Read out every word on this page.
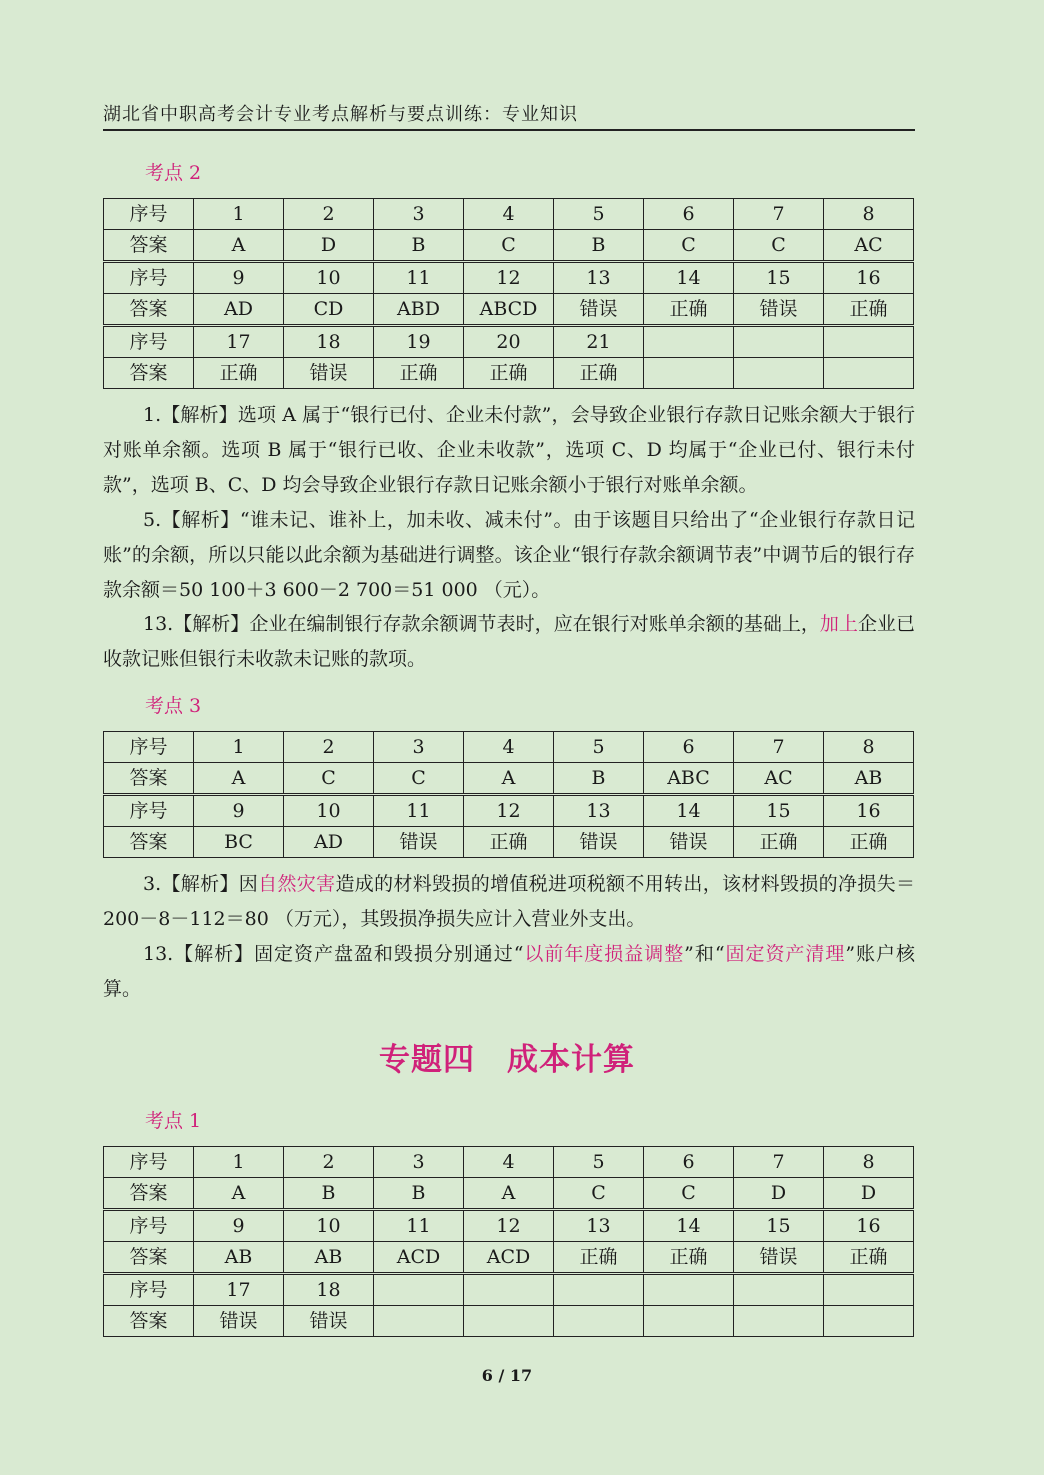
湖北省中职高考会计专业考点解析与要点训练：专业知识
考点 2
序号	1	2	3	4	5	6	7	8
答案	A	D	B	C	B	C	C	AC
序号	9	10	11	12	13	14	15	16
答案	AD	CD	ABD	ABCD	错误	正确	错误	正确
序号	17	18	19	20	21			
答案	正确	错误	正确	正确	正确			
1.【解析】选项 A 属于“银行已付、企业未付款”，会导致企业银行存款日记账余额大于银行对账单余额。选项 B 属于“银行已收、企业未收款”，选项 C、D 均属于“企业已付、银行未付款”，选项 B、C、D 均会导致企业银行存款日记账余额小于银行对账单余额。
5.【解析】“谁未记、谁补上，加未收、减未付”。由于该题目只给出了“企业银行存款日记账”的余额，所以只能以此余额为基础进行调整。该企业“银行存款余额调节表”中调节后的银行存款余额＝50 100＋3 600－2 700＝51 000 （元）。
13.【解析】企业在编制银行存款余额调节表时，应在银行对账单余额的基础上，加上企业已收款记账但银行未收款未记账的款项。
考点 3
序号	1	2	3	4	5	6	7	8
答案	A	C	C	A	B	ABC	AC	AB
序号	9	10	11	12	13	14	15	16
答案	BC	AD	错误	正确	错误	错误	正确	正确
3.【解析】因自然灾害造成的材料毁损的增值税进项税额不用转出，该材料毁损的净损失＝200－8－112＝80 （万元），其毁损净损失应计入营业外支出。
13.【解析】固定资产盘盈和毁损分别通过“以前年度损益调整”和“固定资产清理”账户核算。
专题四　成本计算
考点 1
序号	1	2	3	4	5	6	7	8
答案	A	B	B	A	C	C	D	D
序号	9	10	11	12	13	14	15	16
答案	AB	AB	ACD	ACD	正确	正确	错误	正确
序号	17	18						
答案	错误	错误						
6 / 17
